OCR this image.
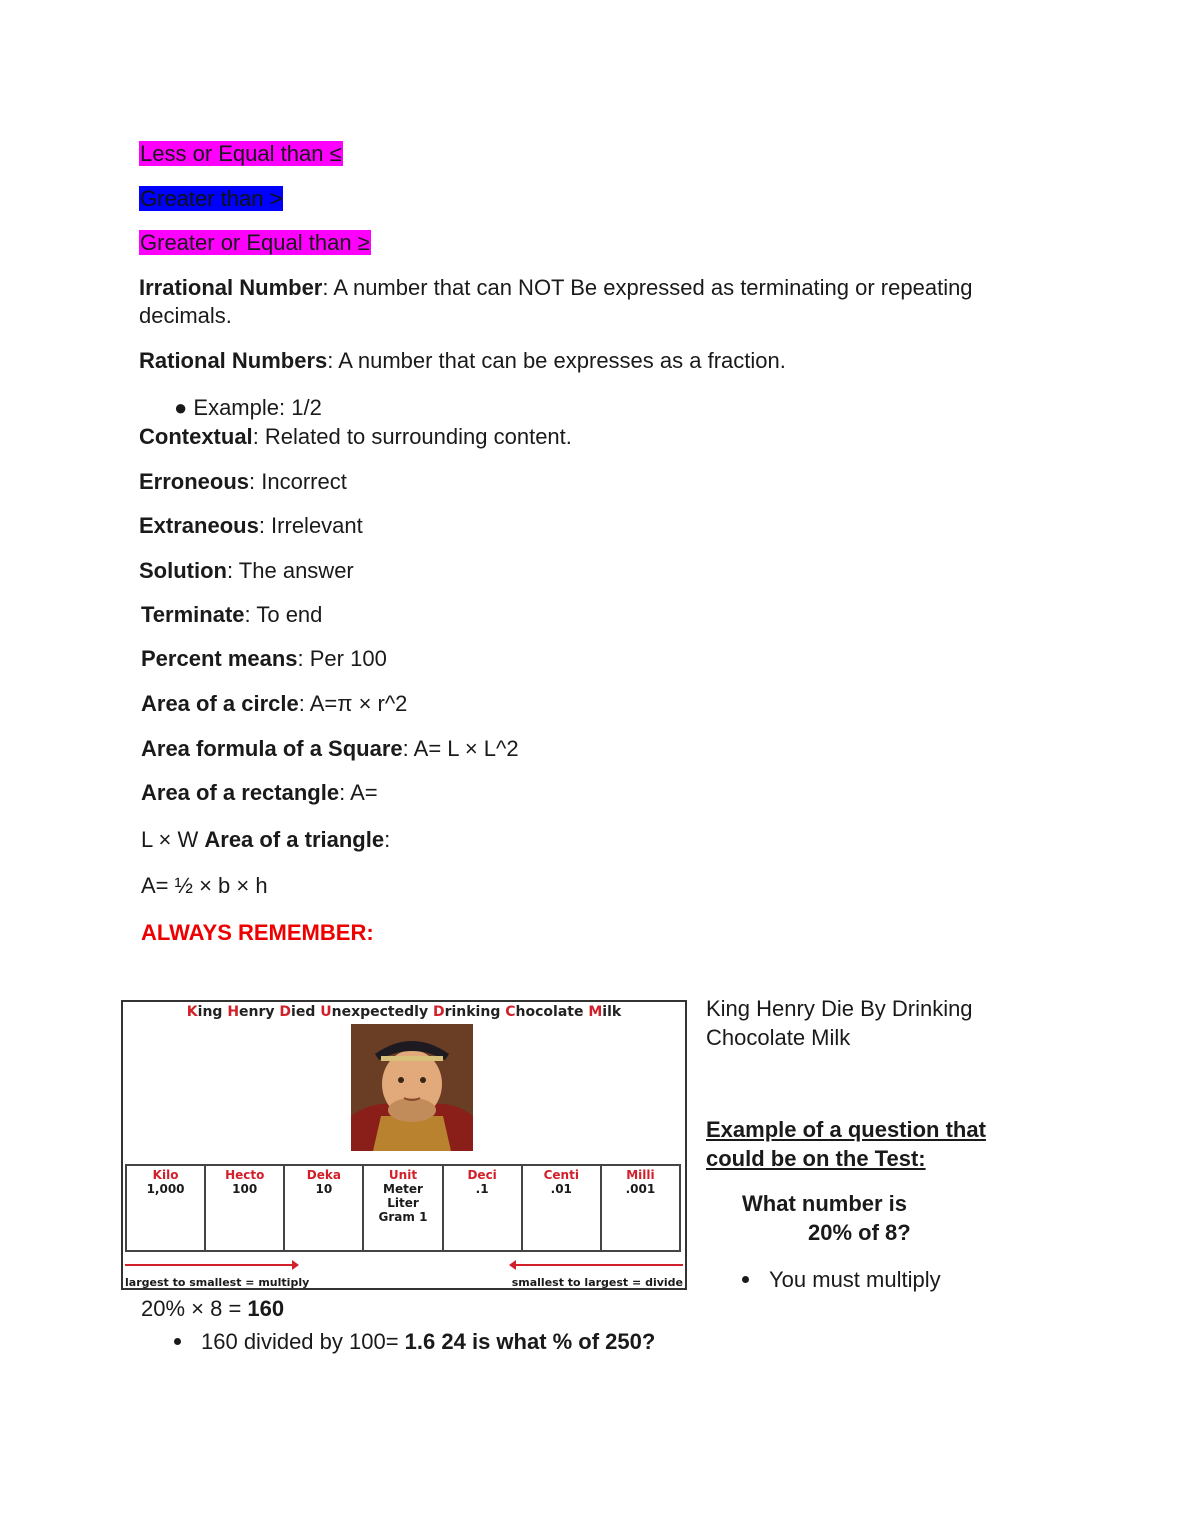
Less or Equal than ≤
Greater than >
Greater or Equal than ≥
Irrational Number: A number that can NOT Be expressed as terminating or repeating
decimals.
Rational Numbers: A number that can be expresses as a fraction.
● Example: 1/2
Contextual: Related to surrounding content.
Erroneous: Incorrect
Extraneous: Irrelevant
Solution: The answer
Terminate: To end
Percent means: Per 100
Area of a circle: A=π × r^2
Area formula of a Square: A= L × L^2
Area of a rectangle: A=
L × W Area of a triangle:
A= ½ × b × h
ALWAYS REMEMBER:
King Henry Died Unexpectedly Drinking Chocolate Milk
Kilo
1,000
Hecto
100
Deka
10
Unit
Meter Liter Gram 1
Deci
.1
Centi
.01
Milli
.001
largest to smallest = multiply	smallest to largest = divide
King Henry Die By Drinking
Chocolate Milk
Example of a question that
could be on the Test:
What number is
20% of 8?
You must multiply
20% × 8 = 160
160 divided by 100= 1.6 24 is what % of 250?
